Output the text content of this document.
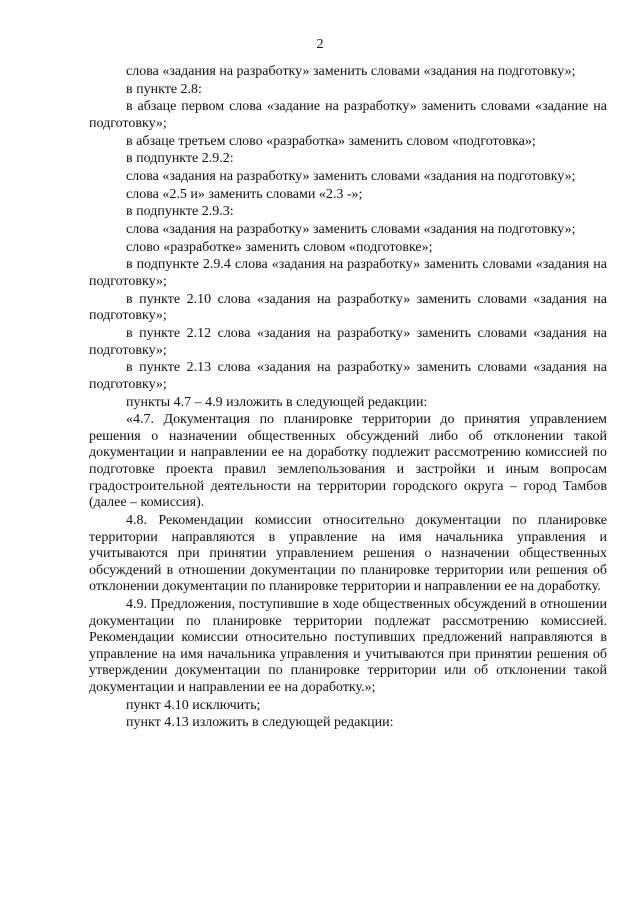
2

слова «задания на разработку» заменить словами «задания на подготовку»;

в пункте 2.8:

в абзаце первом слова «задание на разработку» заменить словами «задание на подготовку»;

в абзаце третьем слово «разработка» заменить словом «подготовка»;

в подпункте 2.9.2:

слова «задания на разработку» заменить словами «задания на подготовку»;

слова «2.5 и» заменить словами «2.3 -»;

в подпункте 2.9.3:

слова «задания на разработку» заменить словами «задания на подготовку»;

слово «разработке» заменить словом «подготовке»;

в подпункте 2.9.4 слова «задания на разработку» заменить словами «задания на подготовку»;

в пункте 2.10 слова «задания на разработку» заменить словами «задания на подготовку»;

в пункте 2.12 слова «задания на разработку» заменить словами «задания на подготовку»;

в пункте 2.13 слова «задания на разработку» заменить словами «задания на подготовку»;

пункты 4.7 – 4.9 изложить в следующей редакции:

«4.7. Документация по планировке территории до принятия управлением решения о назначении общественных обсуждений либо об отклонении такой документации и направлении ее на доработку подлежит рассмотрению комиссией по подготовке проекта правил землепользования и застройки и иным вопросам градостроительной деятельности на территории городского округа – город Тамбов (далее – комиссия).

4.8. Рекомендации комиссии относительно документации по планировке территории направляются в управление на имя начальника управления и учитываются при принятии управлением решения о назначении общественных обсуждений в отношении документации по планировке территории или решения об отклонении документации по планировке территории и направлении ее на доработку.

4.9. Предложения, поступившие в ходе общественных обсуждений в отношении документации по планировке территории подлежат рассмотрению комиссией. Рекомендации комиссии относительно поступивших предложений направляются в управление на имя начальника управления и учитываются при принятии решения об утверждении документации по планировке территории или об отклонении такой документации и направлении ее на доработку.»;

пункт 4.10 исключить;

пункт 4.13 изложить в следующей редакции:
